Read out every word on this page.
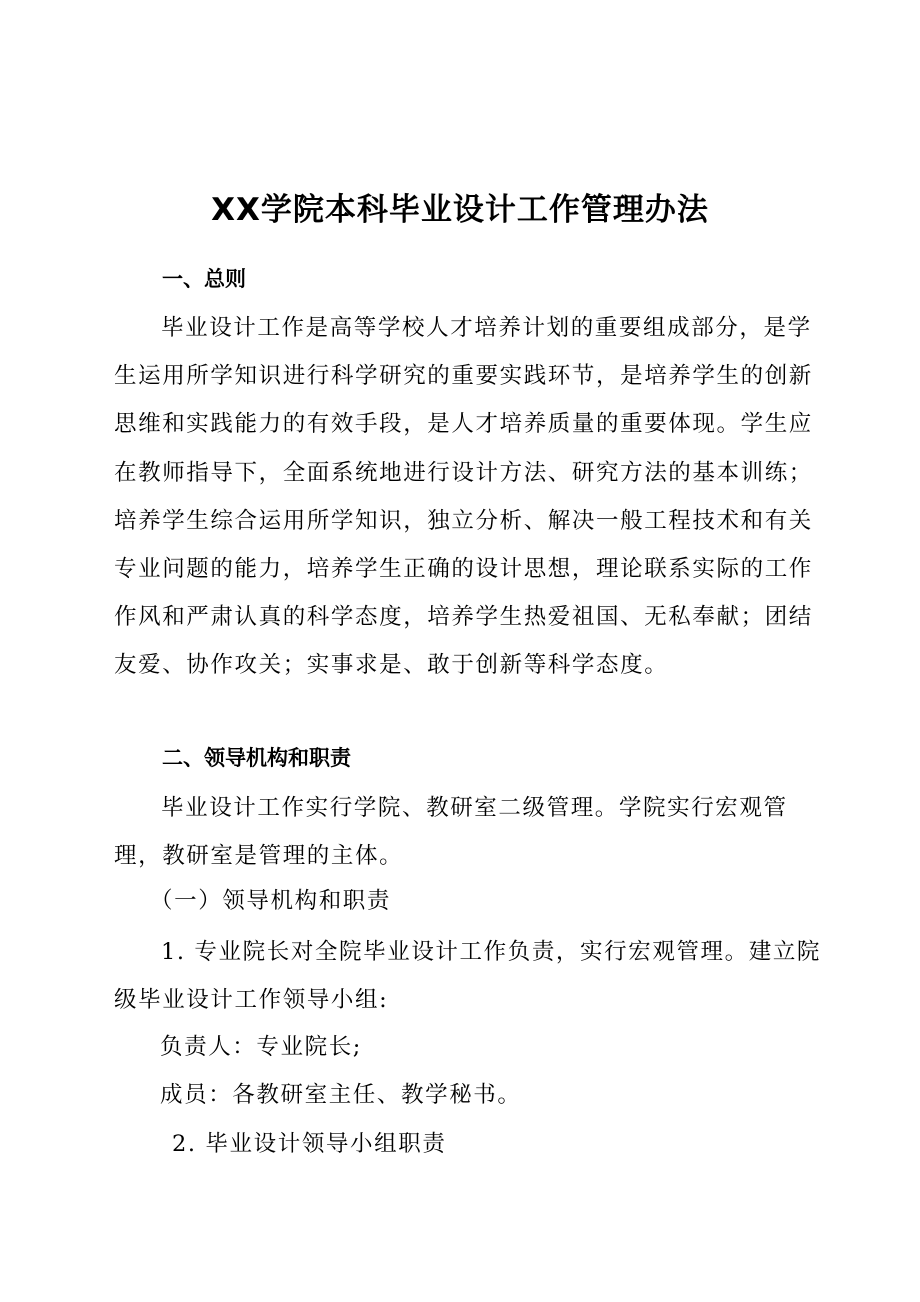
XX学院本科毕业设计工作管理办法
一、总则
毕业设计工作是高等学校人才培养计划的重要组成部分，是学生运用所学知识进行科学研究的重要实践环节，是培养学生的创新思维和实践能力的有效手段，是人才培养质量的重要体现。学生应在教师指导下，全面系统地进行设计方法、研究方法的基本训练；培养学生综合运用所学知识，独立分析、解决一般工程技术和有关专业问题的能力，培养学生正确的设计思想，理论联系实际的工作作风和严肃认真的科学态度，培养学生热爱祖国、无私奉献；团结友爱、协作攻关；实事求是、敢于创新等科学态度。
二、领导机构和职责
毕业设计工作实行学院、教研室二级管理。学院实行宏观管理，教研室是管理的主体。
（一）领导机构和职责
1. 专业院长对全院毕业设计工作负责，实行宏观管理。建立院级毕业设计工作领导小组:
负责人：专业院长;
成员：各教研室主任、教学秘书。
2. 毕业设计领导小组职责
